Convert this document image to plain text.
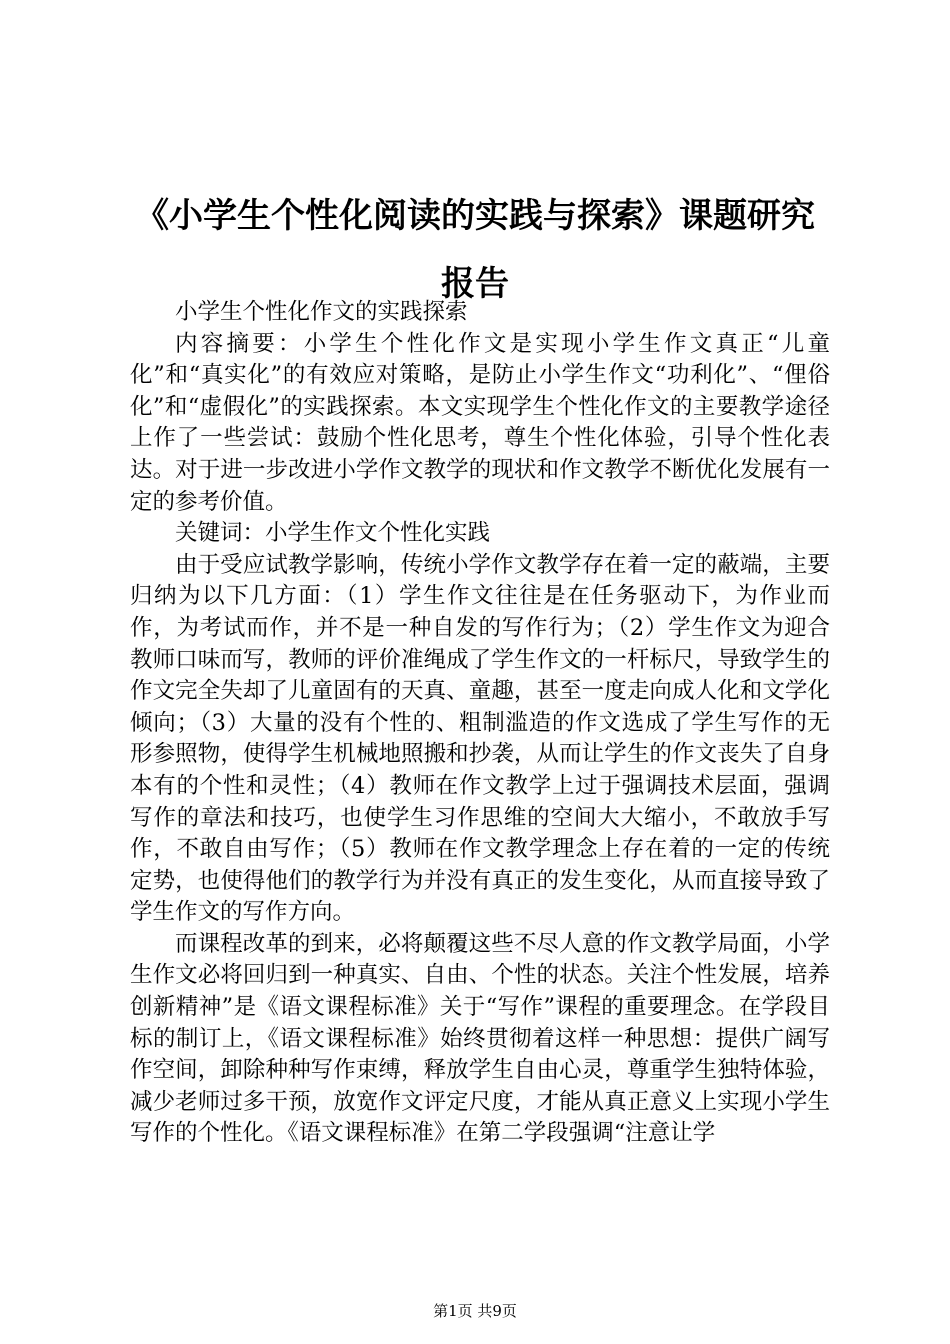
《小学生个性化阅读的实践与探索》课题研究
报告

小学生个性化作文的实践探索

内容摘要：小学生个性化作文是实现小学生作文真正“儿童化”和“真实化”的有效应对策略，是防止小学生作文“功利化”、“俚俗化”和“虚假化”的实践探索。本文实现学生个性化作文的主要教学途径上作了一些尝试：鼓励个性化思考，尊生个性化体验，引导个性化表达。对于进一步改进小学作文教学的现状和作文教学不断优化发展有一定的参考价值。

关键词：小学生作文个性化实践

由于受应试教学影响，传统小学作文教学存在着一定的蔽端，主要归纳为以下几方面：（1）学生作文往往是在任务驱动下，为作业而作，为考试而作，并不是一种自发的写作行为；（2）学生作文为迎合教师口味而写，教师的评价准绳成了学生作文的一杆标尺，导致学生的作文完全失却了儿童固有的天真、童趣，甚至一度走向成人化和文学化倾向；（3）大量的没有个性的、粗制滥造的作文选成了学生写作的无形参照物，使得学生机械地照搬和抄袭，从而让学生的作文丧失了自身本有的个性和灵性；（4）教师在作文教学上过于强调技术层面，强调写作的章法和技巧，也使学生习作思维的空间大大缩小，不敢放手写作，不敢自由写作；（5）教师在作文教学理念上存在着的一定的传统定势，也使得他们的教学行为并没有真正的发生变化，从而直接导致了学生作文的写作方向。

而课程改革的到来，必将颠覆这些不尽人意的作文教学局面，小学生作文必将回归到一种真实、自由、个性的状态。关注个性发展，培养创新精神”是《语文课程标准》关于“写作”课程的重要理念。在学段目标的制订上，《语文课程标准》始终贯彻着这样一种思想：提供广阔写作空间，卸除种种写作束缚，释放学生自由心灵，尊重学生独特体验，减少老师过多干预，放宽作文评定尺度，才能从真正意义上实现小学生写作的个性化。《语文课程标准》在第二学段强调“注意让学

第1页 共9页
